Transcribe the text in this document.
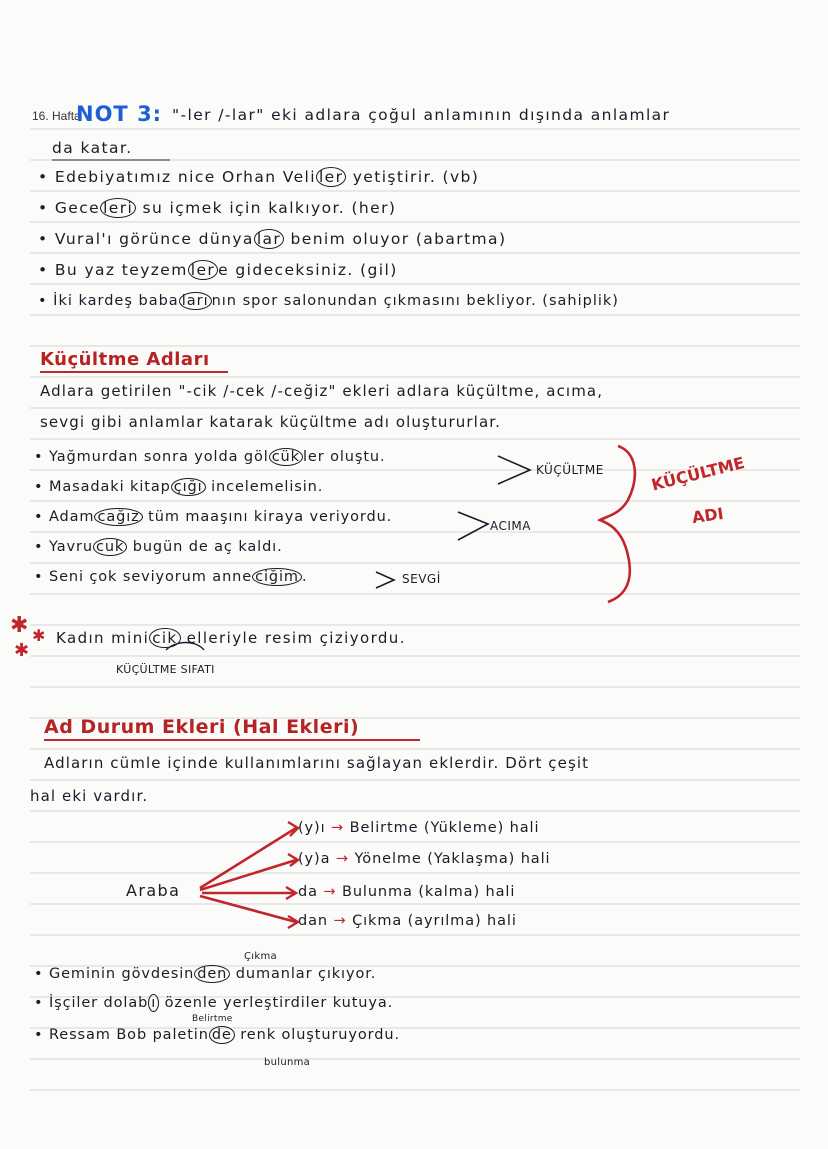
16. Hafta
NOT 3: "-ler /-lar" eki adlara çoğul anlamının dışında anlamlar
da katar.
• Edebiyatımız nice Orhan Veli ler yetiştirir. (vb)
• Gece leri su içmek için kalkıyor. (her)
• Vural'ı görünce dünya lar benim oluyor (abartma)
• Bu yaz teyzem ler e gideceksiniz. (gil)
• İki kardeş baba ları nın spor salonundan çıkmasını bekliyor. (sahiplik)
Küçültme Adları
Adlara getirilen "-cik /-cek /-ceğiz" ekleri adlara küçültme, acıma,
sevgi gibi anlamlar katarak küçültme adı oluştururlar.
• Yağmurdan sonra yolda göl cük ler oluştu.
• Masadaki kitap çığı incelemelisin.
• Adam cağız tüm maaşını kiraya veriyordu.
• Yavru cuk bugün de aç kaldı.
• Seni çok seviyorum anne ciğim .
KÜÇÜLTME
ACIMA
SEVGİ
KÜÇÜLTME
ADI
✱
✱
✱ Kadın mini cik elleriyle resim çiziyordu.
KÜÇÜLTME SIFATI
Ad Durum Ekleri (Hal Ekleri)
Adların cümle içinde kullanımlarını sağlayan eklerdir. Dört çeşit
hal eki vardır.
Araba
(y)ı → Belirtme (Yükleme) hali
(y)a → Yönelme (Yaklaşma) hali
da → Bulunma (kalma) hali
dan → Çıkma (ayrılma) hali
Çıkma
• Geminin gövdesin den dumanlar çıkıyor.
• İşçiler dolab ı özenle yerleştirdiler kutuya.
Belirtme
• Ressam Bob paletin de renk oluşturuyordu.
bulunma
